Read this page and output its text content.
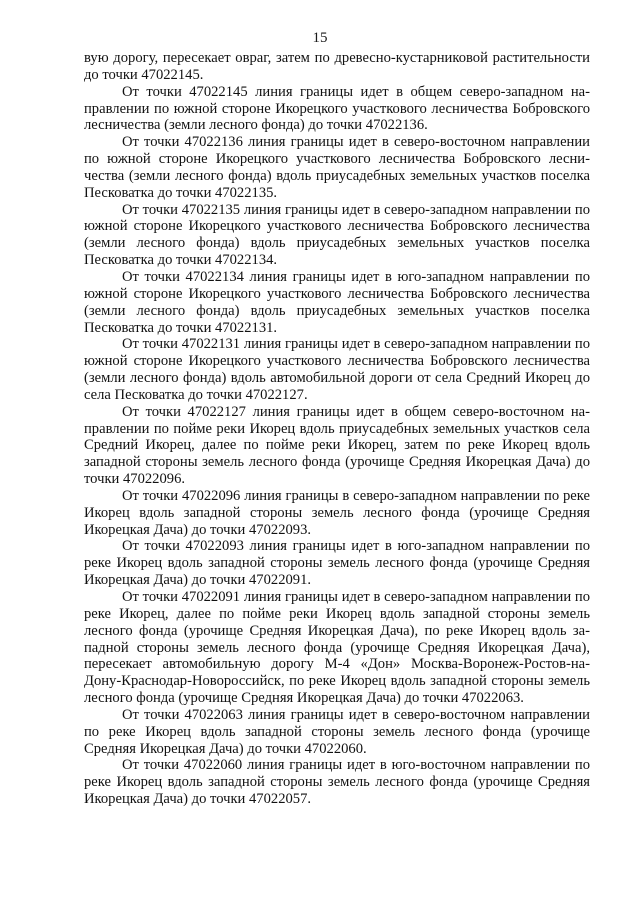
15

вую дорогу, пересекает овраг, затем по древесно-кустарниковой растительности до точки 47022145.

От точки 47022145 линия границы идет в общем северо-западном направлении по южной стороне Икорецкого участкового лесничества Бобровского лесничества (земли лесного фонда) до точки 47022136.

От точки 47022136 линия границы идет в северо-восточном направлении по южной стороне Икорецкого участкового лесничества Бобровского лесничества (земли лесного фонда) вдоль приусадебных земельных участков поселка Песковатка до точки 47022135.

От точки 47022135 линия границы идет в северо-западном направлении по южной стороне Икорецкого участкового лесничества Бобровского лесничества (земли лесного фонда) вдоль приусадебных земельных участков поселка Песковатка до точки 47022134.

От точки 47022134 линия границы идет в юго-западном направлении по южной стороне Икорецкого участкового лесничества Бобровского лесничества (земли лесного фонда) вдоль приусадебных земельных участков поселка Песковатка до точки 47022131.

От точки 47022131 линия границы идет в северо-западном направлении по южной стороне Икорецкого участкового лесничества Бобровского лесничества (земли лесного фонда) вдоль автомобильной дороги от села Средний Икорец до села Песковатка до точки 47022127.

От точки 47022127 линия границы идет в общем северо-восточном направлении по пойме реки Икорец вдоль приусадебных земельных участков села Средний Икорец, далее по пойме реки Икорец, затем по реке Икорец вдоль западной стороны земель лесного фонда (урочище Средняя Икорецкая Дача) до точки 47022096.

От точки 47022096 линия границы в северо-западном направлении по реке Икорец вдоль западной стороны земель лесного фонда (урочище Средняя Икорецкая Дача) до точки 47022093.

От точки 47022093 линия границы идет в юго-западном направлении по реке Икорец вдоль западной стороны земель лесного фонда (урочище Средняя Икорецкая Дача) до точки 47022091.

От точки 47022091 линия границы идет в северо-западном направлении по реке Икорец, далее по пойме реки Икорец вдоль западной стороны земель лесного фонда (урочище Средняя Икорецкая Дача), по реке Икорец вдоль западной стороны земель лесного фонда (урочище Средняя Икорецкая Дача), пересекает автомобильную дорогу М-4 «Дон» Москва-Воронеж-Ростов-на-Дону-Краснодар-Новороссийск, по реке Икорец вдоль западной стороны земель лесного фонда (урочище Средняя Икорецкая Дача) до точки 47022063.

От точки 47022063 линия границы идет в северо-восточном направлении по реке Икорец вдоль западной стороны земель лесного фонда (урочище Средняя Икорецкая Дача) до точки 47022060.

От точки 47022060 линия границы идет в юго-восточном направлении по реке Икорец вдоль западной стороны земель лесного фонда (урочище Средняя Икорецкая Дача) до точки 47022057.
